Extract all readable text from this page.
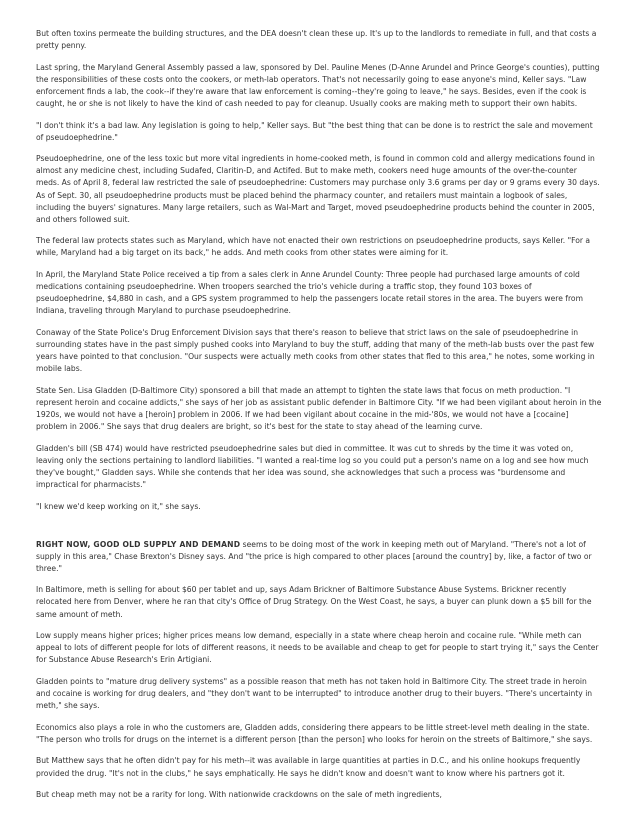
But often toxins permeate the building structures, and the DEA doesn't clean these up. It's up to the landlords to remediate in full, and that costs a pretty penny.

Last spring, the Maryland General Assembly passed a law, sponsored by Del. Pauline Menes (D-Anne Arundel and Prince George's counties), putting the responsibilities of these costs onto the cookers, or meth-lab operators. That's not necessarily going to ease anyone's mind, Keller says. "Law enforcement finds a lab, the cook--if they're aware that law enforcement is coming--they're going to leave," he says. Besides, even if the cook is caught, he or she is not likely to have the kind of cash needed to pay for cleanup. Usually cooks are making meth to support their own habits.

"I don't think it's a bad law. Any legislation is going to help," Keller says. But "the best thing that can be done is to restrict the sale and movement of pseudoephedrine."

Pseudoephedrine, one of the less toxic but more vital ingredients in home-cooked meth, is found in common cold and allergy medications found in almost any medicine chest, including Sudafed, Claritin-D, and Actifed. But to make meth, cookers need huge amounts of the over-the-counter meds. As of April 8, federal law restricted the sale of pseudoephedrine: Customers may purchase only 3.6 grams per day or 9 grams every 30 days. As of Sept. 30, all pseudoephedrine products must be placed behind the pharmacy counter, and retailers must maintain a logbook of sales, including the buyers' signatures. Many large retailers, such as Wal-Mart and Target, moved pseudoephedrine products behind the counter in 2005, and others followed suit.

The federal law protects states such as Maryland, which have not enacted their own restrictions on pseudoephedrine products, says Keller. "For a while, Maryland had a big target on its back," he adds. And meth cooks from other states were aiming for it.

In April, the Maryland State Police received a tip from a sales clerk in Anne Arundel County: Three people had purchased large amounts of cold medications containing pseudoephedrine. When troopers searched the trio's vehicle during a traffic stop, they found 103 boxes of pseudoephedrine, $4,880 in cash, and a GPS system programmed to help the passengers locate retail stores in the area. The buyers were from Indiana, traveling through Maryland to purchase pseudoephedrine.

Conaway of the State Police's Drug Enforcement Division says that there's reason to believe that strict laws on the sale of pseudoephedrine in surrounding states have in the past simply pushed cooks into Maryland to buy the stuff, adding that many of the meth-lab busts over the past few years have pointed to that conclusion. "Our suspects were actually meth cooks from other states that fled to this area," he notes, some working in mobile labs.

State Sen. Lisa Gladden (D-Baltimore City) sponsored a bill that made an attempt to tighten the state laws that focus on meth production. "I represent heroin and cocaine addicts," she says of her job as assistant public defender in Baltimore City. "If we had been vigilant about heroin in the 1920s, we would not have a [heroin] problem in 2006. If we had been vigilant about cocaine in the mid-'80s, we would not have a [cocaine] problem in 2006." She says that drug dealers are bright, so it's best for the state to stay ahead of the learning curve.

Gladden's bill (SB 474) would have restricted pseudoephedrine sales but died in committee. It was cut to shreds by the time it was voted on, leaving only the sections pertaining to landlord liabilities. "I wanted a real-time log so you could put a person's name on a log and see how much they've bought," Gladden says. While she contends that her idea was sound, she acknowledges that such a process was "burdensome and impractical for pharmacists."

"I knew we'd keep working on it," she says.

RIGHT NOW, GOOD OLD SUPPLY AND DEMAND seems to be doing most of the work in keeping meth out of Maryland. "There's not a lot of supply in this area," Chase Brexton's Disney says. And "the price is high compared to other places [around the country] by, like, a factor of two or three."

In Baltimore, meth is selling for about $60 per tablet and up, says Adam Brickner of Baltimore Substance Abuse Systems. Brickner recently relocated here from Denver, where he ran that city's Office of Drug Strategy. On the West Coast, he says, a buyer can plunk down a $5 bill for the same amount of meth.

Low supply means higher prices; higher prices means low demand, especially in a state where cheap heroin and cocaine rule. "While meth can appeal to lots of different people for lots of different reasons, it needs to be available and cheap to get for people to start trying it," says the Center for Substance Abuse Research's Erin Artigiani.

Gladden points to "mature drug delivery systems" as a possible reason that meth has not taken hold in Baltimore City. The street trade in heroin and cocaine is working for drug dealers, and "they don't want to be interrupted" to introduce another drug to their buyers. "There's uncertainty in meth," she says.

Economics also plays a role in who the customers are, Gladden adds, considering there appears to be little street-level meth dealing in the state. "The person who trolls for drugs on the internet is a different person [than the person] who looks for heroin on the streets of Baltimore," she says.

But Matthew says that he often didn't pay for his meth--it was available in large quantities at parties in D.C., and his online hookups frequently provided the drug. "It's not in the clubs," he says emphatically. He says he didn't know and doesn't want to know where his partners got it.

But cheap meth may not be a rarity for long. With nationwide crackdowns on the sale of meth ingredients,
